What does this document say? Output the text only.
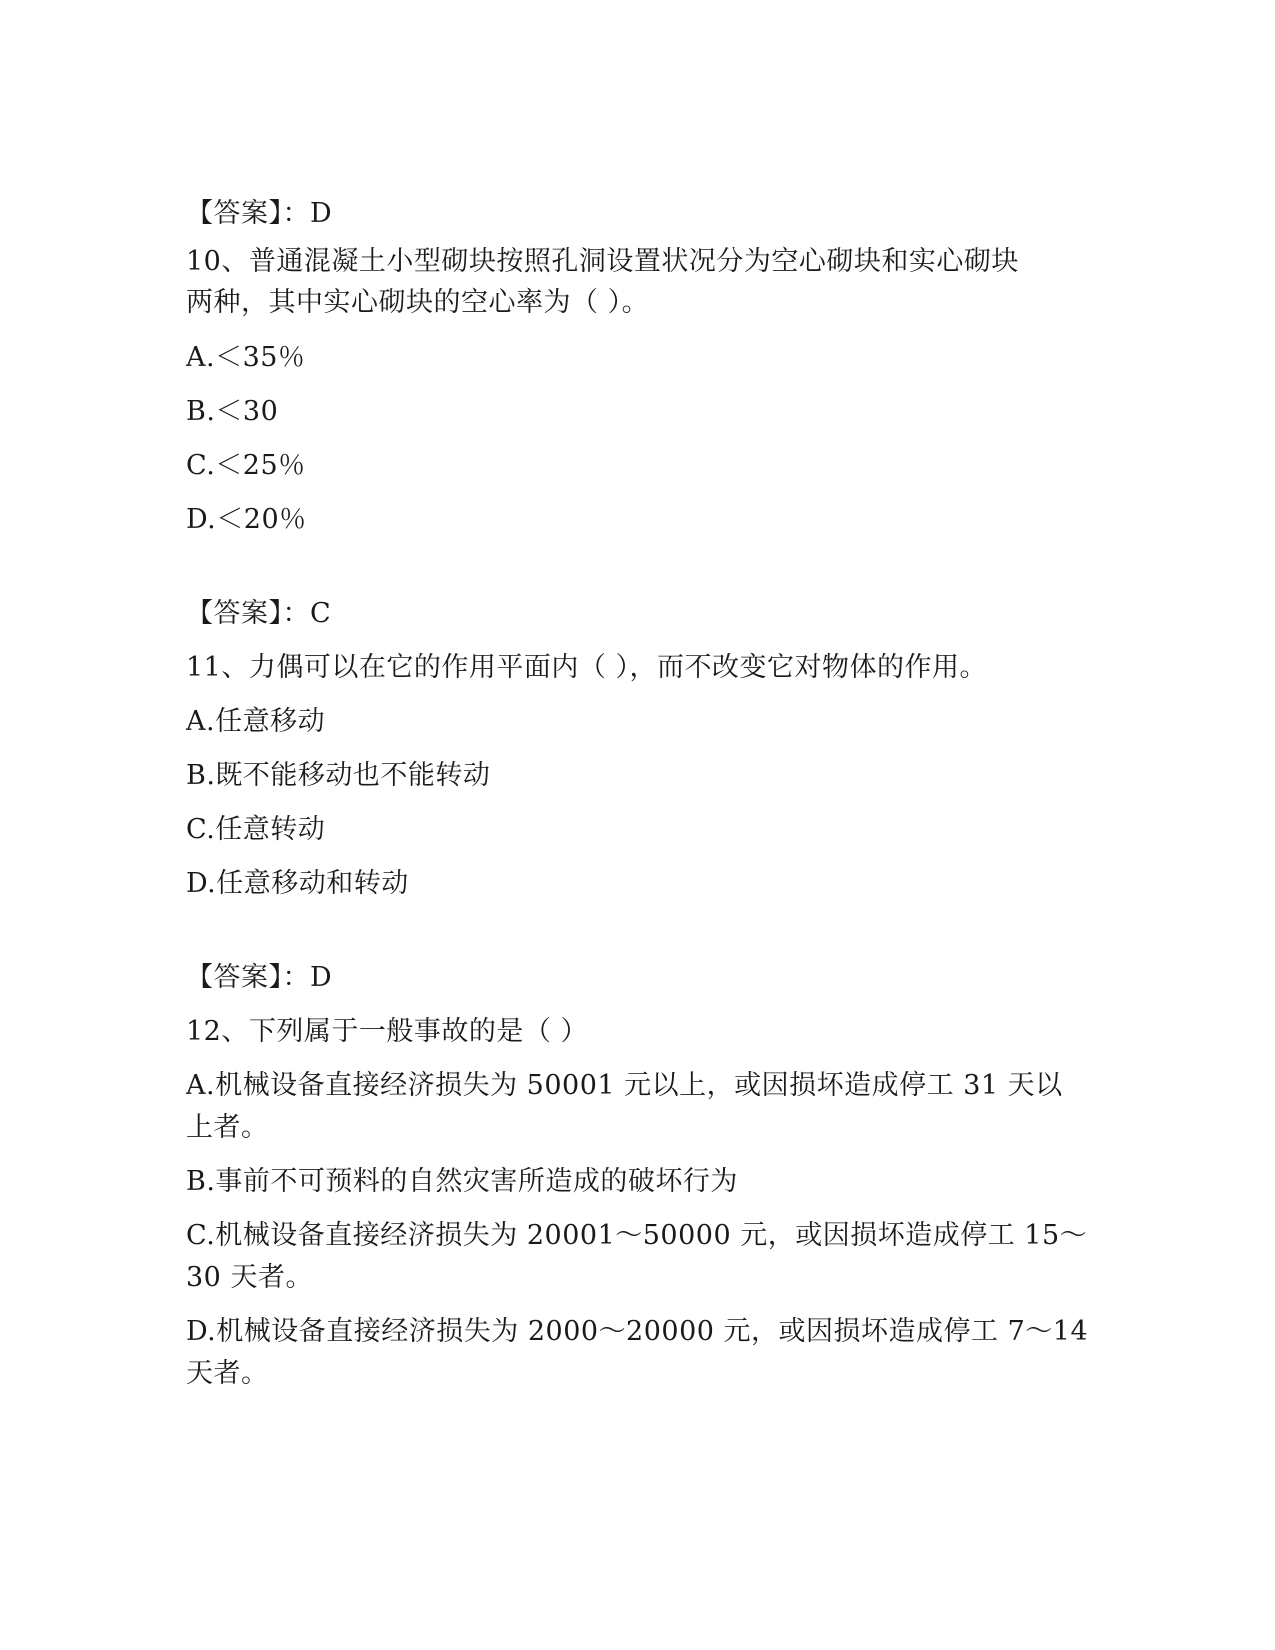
【答案】：D
10、普通混凝土小型砌块按照孔洞设置状况分为空心砌块和实心砌块
两种，其中实心砌块的空心率为（ ）。
A.＜35％
B.＜30
C.＜25％
D.＜20％
【答案】：C
11、力偶可以在它的作用平面内（ ），而不改变它对物体的作用。
A.任意移动
B.既不能移动也不能转动
C.任意转动
D.任意移动和转动
【答案】：D
12、下列属于一般事故的是（ ）
A.机械设备直接经济损失为 50001 元以上，或因损坏造成停工 31 天以
上者。
B.事前不可预料的自然灾害所造成的破坏行为
C.机械设备直接经济损失为 20001～50000 元，或因损坏造成停工 15～
30 天者。
D.机械设备直接经济损失为 2000～20000 元，或因损坏造成停工 7～14
天者。
